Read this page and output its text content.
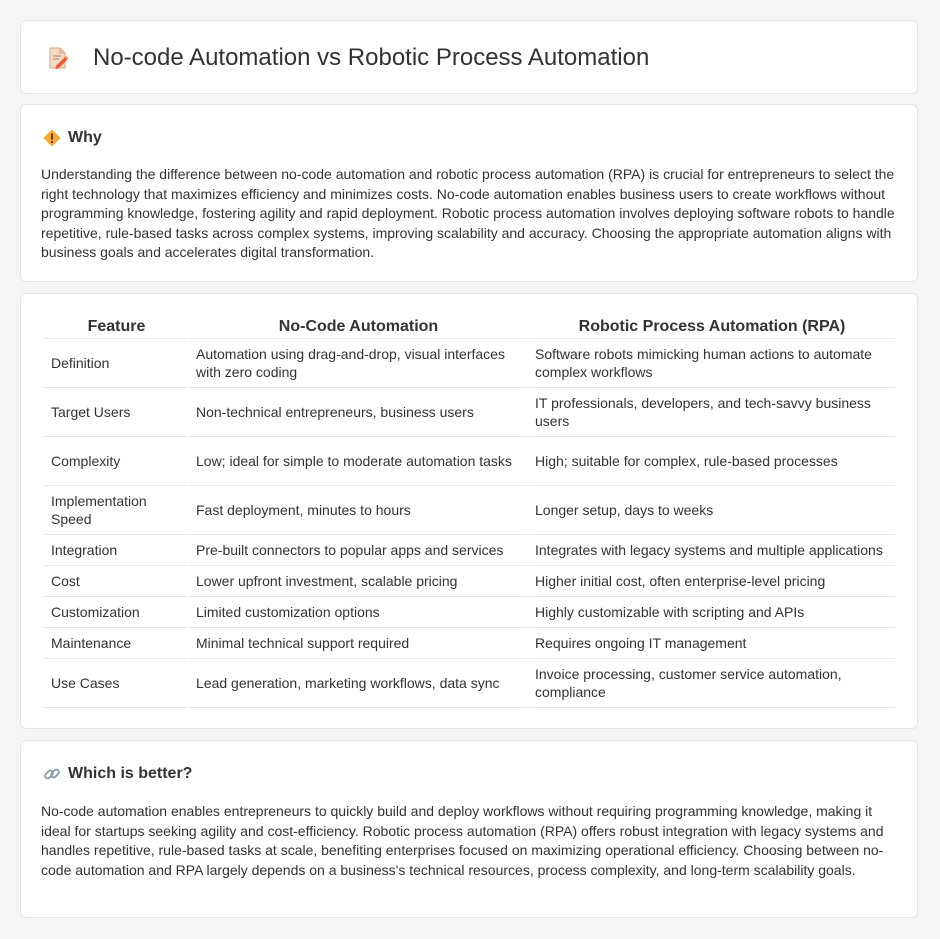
No-code Automation vs Robotic Process Automation
Why

Understanding the difference between no-code automation and robotic process automation (RPA) is crucial for entrepreneurs to select the right technology that maximizes efficiency and minimizes costs. No-code automation enables business users to create workflows without programming knowledge, fostering agility and rapid deployment. Robotic process automation involves deploying software robots to handle repetitive, rule-based tasks across complex systems, improving scalability and accuracy. Choosing the appropriate automation aligns with business goals and accelerates digital transformation.

Feature	No-Code Automation	Robotic Process Automation (RPA)
Definition	Automation using drag-and-drop, visual interfaces with zero coding	Software robots mimicking human actions to automate complex workflows
Target Users	Non-technical entrepreneurs, business users	IT professionals, developers, and tech-savvy business users
Complexity	Low; ideal for simple to moderate automation tasks	High; suitable for complex, rule-based processes
Implementation Speed	Fast deployment, minutes to hours	Longer setup, days to weeks
Integration	Pre-built connectors to popular apps and services	Integrates with legacy systems and multiple applications
Cost	Lower upfront investment, scalable pricing	Higher initial cost, often enterprise-level pricing
Customization	Limited customization options	Highly customizable with scripting and APIs
Maintenance	Minimal technical support required	Requires ongoing IT management
Use Cases	Lead generation, marketing workflows, data sync	Invoice processing, customer service automation, compliance
Which is better?

No-code automation enables entrepreneurs to quickly build and deploy workflows without requiring programming knowledge, making it ideal for startups seeking agility and cost-efficiency. Robotic process automation (RPA) offers robust integration with legacy systems and handles repetitive, rule-based tasks at scale, benefiting enterprises focused on maximizing operational efficiency. Choosing between no-code automation and RPA largely depends on a business's technical resources, process complexity, and long-term scalability goals.
